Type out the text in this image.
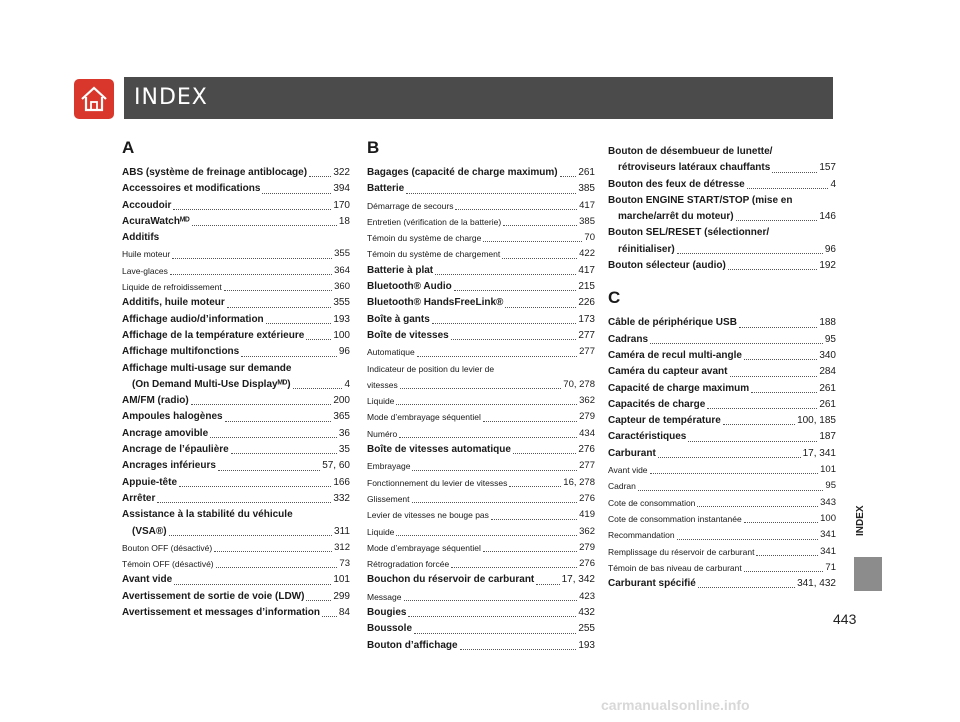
INDEX
A
ABS (système de freinage antiblocage)	322
Accessoires et modifications	394
Accoudoir	170
AcuraWatchᴹᴰ	18
Additifs
Huile moteur	355
Lave-glaces	364
Liquide de refroidissement	360
Additifs, huile moteur	355
Affichage audio/d’information	193
Affichage de la température extérieure	100
Affichage multifonctions	96
Affichage multi-usage sur demande
(On Demand Multi-Use Displayᴹᴰ)	4
AM/FM (radio)	200
Ampoules halogènes	365
Ancrage amovible	36
Ancrage de l’épaulière	35
Ancrages inférieurs	57, 60
Appuie-tête	166
Arrêter	332
Assistance à la stabilité du véhicule
(VSA®)	311
Bouton OFF (désactivé)	312
Témoin OFF (désactivé)	73
Avant vide	101
Avertissement de sortie de voie (LDW)	299
Avertissement et messages d’information 84
B
Bagages (capacité de charge maximum) 261
Batterie	385
Démarrage de secours	417
Entretien (vérification de la batterie)	385
Témoin du système de charge	70
Témoin du système de chargement	422
Batterie à plat	417
Bluetooth® Audio	215
Bluetooth® HandsFreeLink®	226
Boîte à gants	173
Boîte de vitesses	277
Automatique	277
Indicateur de position du levier de
vitesses	70, 278
Liquide	362
Mode d’embrayage séquentiel	279
Numéro	434
Boîte de vitesses automatique	276
Embrayage	277
Fonctionnement du levier de vitesses	16, 278
Glissement	276
Levier de vitesses ne bouge pas	419
Liquide	362
Mode d’embrayage séquentiel	279
Rétrogradation forcée	276
Bouchon du réservoir de carburant	17, 342
Message	423
Bougies	432
Boussole	255
Bouton d’affichage	193
Bouton de désembueur de lunette/
rétroviseurs latéraux chauffants	157
Bouton des feux de détresse	4
Bouton ENGINE START/STOP (mise en
marche/arrêt du moteur)	146
Bouton SEL/RESET (sélectionner/
réinitialiser)	96
Bouton sélecteur (audio)	192
C
Câble de périphérique USB	188
Cadrans	95
Caméra de recul multi-angle	340
Caméra du capteur avant	284
Capacité de charge maximum	261
Capacités de charge	261
Capteur de température	100, 185
Caractéristiques	187
Carburant	17, 341
Avant vide	101
Cadran	95
Cote de consommation	343
Cote de consommation instantanée	100
Recommandation	341
Remplissage du réservoir de carburant	341
Témoin de bas niveau de carburant	71
Carburant spécifié	341, 432
INDEX
443
carmanualsonline.info
